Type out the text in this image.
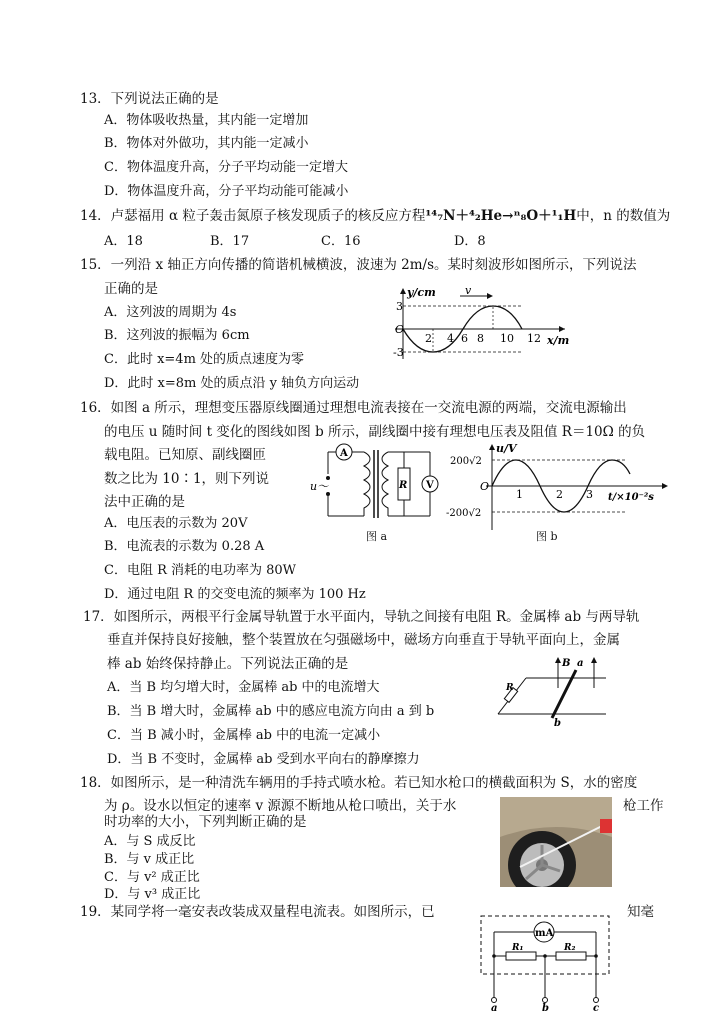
13．下列说法正确的是
A．物体吸收热量，其内能一定增加
B．物体对外做功，其内能一定减小
C．物体温度升高，分子平均动能一定增大
D．物体温度升高，分子平均动能可能减小
14．卢瑟福用 α 粒子轰击氮原子核发现质子的核反应方程¹⁴₇N＋⁴₂He→ⁿ₈O＋¹₁H中，n 的数值为
A．18	B．17	C．16	D．8
15．一列沿 x 轴正方向传播的简谐机械横波，波速为 2m/s。某时刻波形如图所示，下列说法
正确的是
A．这列波的周期为 4s
B．这列波的振幅为 6cm
C．此时 x=4m 处的质点速度为零
D．此时 x=8m 处的质点沿 y 轴负方向运动
v
y/cm
x/m
O
3
-3
2 4 6 8 10 12
16．如图 a 所示，理想变压器原线圈通过理想电流表接在一交流电源的两端，交流电源输出
的电压 u 随时间 t 变化的图线如图 b 所示，副线圈中接有理想电压表及阻值 R＝10Ω 的负
载电阻。已知原、副线圈匝
数之比为 10∶1，则下列说
法中正确的是
A．电压表的示数为 20V
B．电流表的示数为 0.28 A
C．电阻 R 消耗的电功率为 80W
D．通过电阻 R 的交变电流的频率为 100 Hz
A
u～	R V
图 a
u/V
t/×10⁻²s
O
200√2
-200√2
1	2 3
图 b
17．如图所示，两根平行金属导轨置于水平面内，导轨之间接有电阻 R。金属棒 ab 与两导轨
垂直并保持良好接触，整个装置放在匀强磁场中，磁场方向垂直于导轨平面向上，金属
棒 ab 始终保持静止。下列说法正确的是
A．当 B 均匀增大时，金属棒 ab 中的电流增大
B．当 B 增大时，金属棒 ab 中的感应电流方向由 a 到 b
C．当 B 减小时，金属棒 ab 中的电流一定减小
D．当 B 不变时，金属棒 ab 受到水平向右的静摩擦力
R
a
b
B
18．如图所示，是一种清洗车辆用的手持式喷水枪。若已知水枪口的横截面积为 S，水的密度
为 ρ。设水以恒定的速率 v 源源不断地从枪口喷出，关于水	枪工作
时功率的大小，下列判断正确的是
A．与 S 成反比
B．与 v 成正比
C．与 v² 成正比
D．与 v³ 成正比
19．某同学将一毫安表改装成双量程电流表。如图所示，已	知毫
mA
R₁	R₂
a	b	c
